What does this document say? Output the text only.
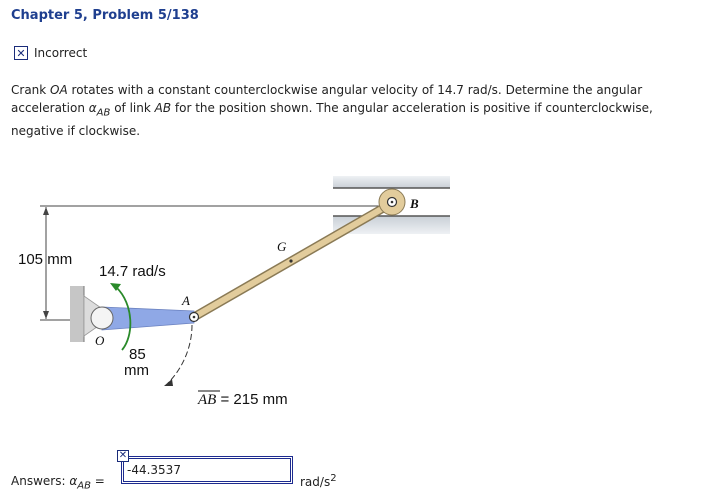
Chapter 5, Problem 5/138
✕ Incorrect
Crank OA rotates with a constant counterclockwise angular velocity of 14.7 rad/s. Determine the angular acceleration $\alpha_{AB}$ of link AB for the position shown. The angular acceleration is positive if counterclockwise, negative if clockwise.
105 mm
14.7 rad/s
O
A
G
B
85
mm
AB = 215 mm
Answers: $\alpha_{AB}$ =
-44.3537
✕
rad/$s^2$
